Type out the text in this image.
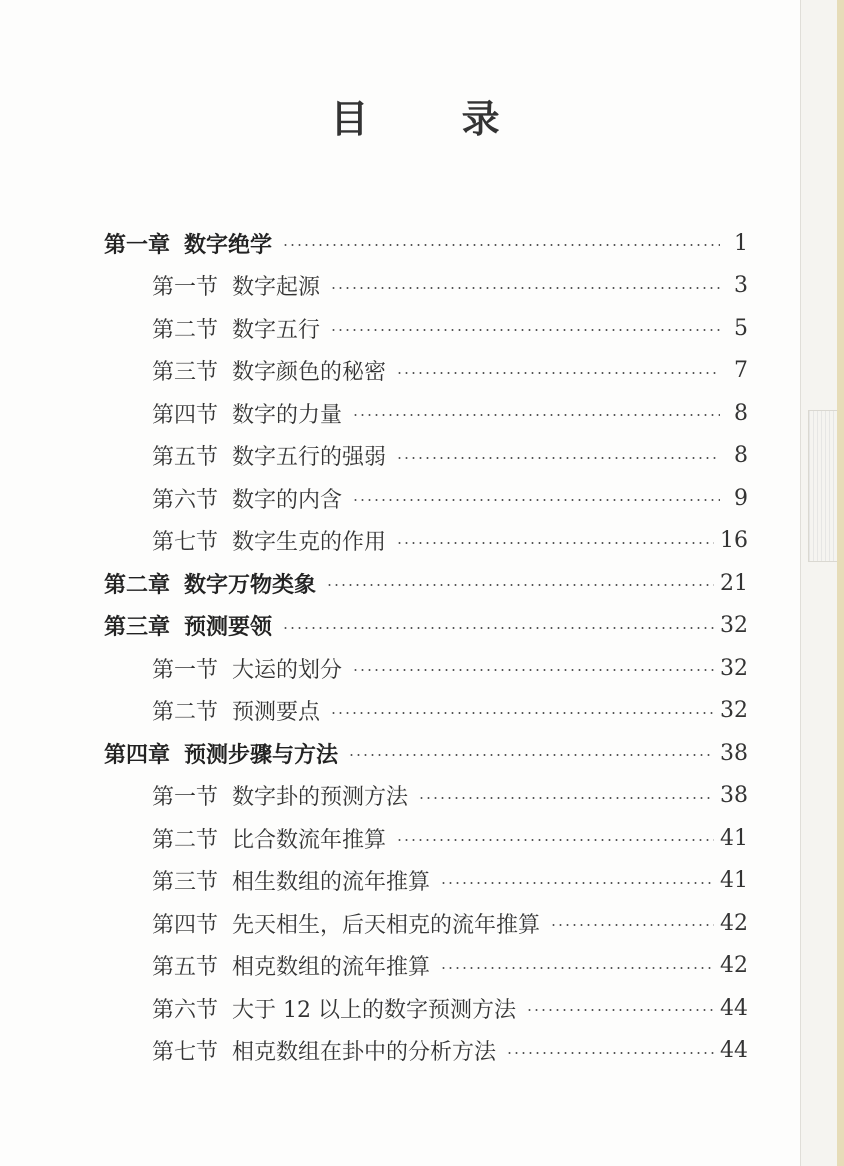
目 录
第一章 数字绝学	1
第一节 数字起源	3
第二节 数字五行	5
第三节 数字颜色的秘密	7
第四节 数字的力量	8
第五节 数字五行的强弱	8
第六节 数字的内含	9
第七节 数字生克的作用	16
第二章 数字万物类象	21
第三章 预测要领	32
第一节 大运的划分	32
第二节 预测要点	32
第四章 预测步骤与方法	38
第一节 数字卦的预测方法	38
第二节 比合数流年推算	41
第三节 相生数组的流年推算	41
第四节 先天相生，后天相克的流年推算	42
第五节 相克数组的流年推算	42
第六节 大于 12 以上的数字预测方法	44
第七节 相克数组在卦中的分析方法	44
